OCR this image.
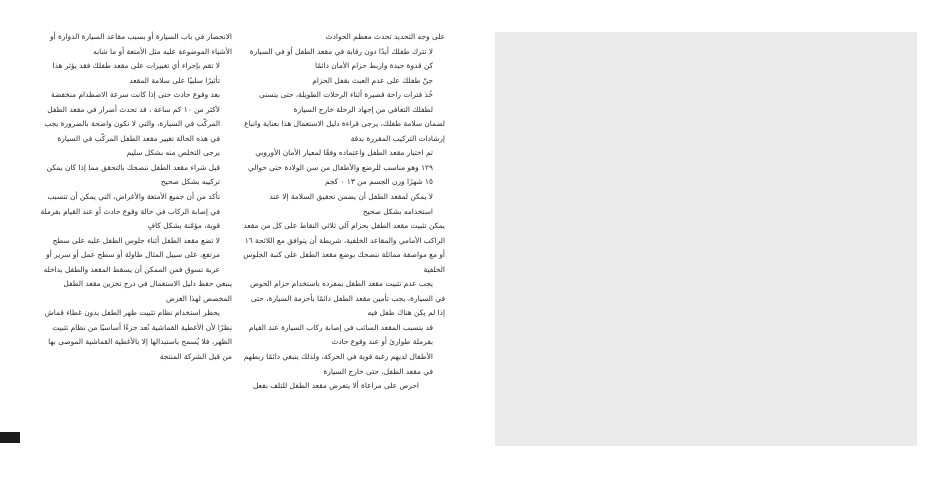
الانحصار في باب السيارة أو بسبب مقاعد السيارة الدوارة أو الأشياء الموضوعة عليه مثل الأمتعة أو ما شابه

لا تقم بإجراء أي تغييرات على مقعد طفلك فقد يؤثر هذا تأثيرًا سلبيًا على سلامة المقعد

بعد وقوع حادث حتى إذا كانت سرعة الاصطدام منخفضة لأكثر من ١٠ كم ساعة ، قد تحدث أضرار في مقعد الطفل المركّب في السيارة، والتي لا تكون واضحة بالضرورة يجب في هذه الحالة تغيير مقعد الطفل المركّب في السيارة يرجى التخلص منه بشكل سليم

قبل شراء مقعد الطفل ننصحك بالتحقق مما إذا كان يمكن تركيبه بشكل صحيح

تأكد من أن جميع الأمتعة والأغراض، التي يمكن أن تتسبب في إصابة الركاب في حالة وقوع حادث أو عند القيام بفرملة قوية، مؤمّنة بشكل كافٍ

لا تضع مقعد الطفل أثناء جلوس الطفل عليه على سطح مرتفع، على سبيل المثال طاولة أو سطح عمل أو سرير أو عربة تسوق فمن الممكن أن يسقط المقعد والطفل بداخله

ينبغي حفظ دليل الاستعمال في درج تخزين مقعد الطفل المخصص لهذا الغرض

يحظر استخدام نظام تثبيت ظهر الطفل بدون غطاء قماش

نظرًا لأن الأغطية القماشية تُعد جزءًا أساسيًا من نظام تثبيت الظهر، فلا يُسمح باستبدالها إلا بالأغطية القماشية الموصى بها من قبل الشركة المنتجة

على وجه التحديد تحدث معظم الحوادث

لا تترك طفلك أبدًا دون رقابة في مقعد الطفل أو في السيارة

كن قدوة جيدة واربط حزام الأمان دائمًا

جنّ طفلك على عدم العبث بقفل الحزام

خُذ فترات راحة قصيرة أثناء الرحلات الطويلة، حتى يتسنى لطفلك التعافي من إجهاد الرحلة خارج السيارة

لضمان سلامة طفلك، يرجى قراءة دليل الاستعمال هذا بعناية واتباع إرشادات التركيب المقررة بدقة

تم اختبار مقعد الطفل واعتماده وفقًا لمعيار الأمان الأوروبي ١٢٩ وهو مناسب للرضع والأطفال من سن الولادة حتى حوالي ١٥ شهرًا وزن الجسم من ١٣ ٠ كجم

لا يمكن لمقعد الطفل أن يضمن تحقيق السلامة إلا عند استخدامه بشكل صحيح

يمكن تثبيت مقعد الطفل بحزام آلي ثلاثي النقاط على كل من مقعد الراكب الأمامي والمقاعد الخلفية، شريطة أن يتوافق مع اللائحة ١٦ أو مع مواصفة مماثلة ننصحك بوضع مقعد الطفل على كنبة الجلوس الخلفية

يجب عدم تثبيت مقعد الطفل بمفرده باستخدام حزام الحوض

في السيارة، يجب تأمين مقعد الطفل دائمًا بأحزمة السيارة، حتى إذا لم يكن هناك طفل فيه

قد يتسبب المقعد السائب في إصابة ركاب السيارة عند القيام بفرملة طوارئ أو عند وقوع حادث

الأطفال لديهم رغبة قوية في الحركة، ولذلك ينبغي دائمًا ربطهم في مقعد الطفل، حتى خارج السيارة

احرص على مراعاة ألا يتعرض مقعد الطفل للتلف بفعل
